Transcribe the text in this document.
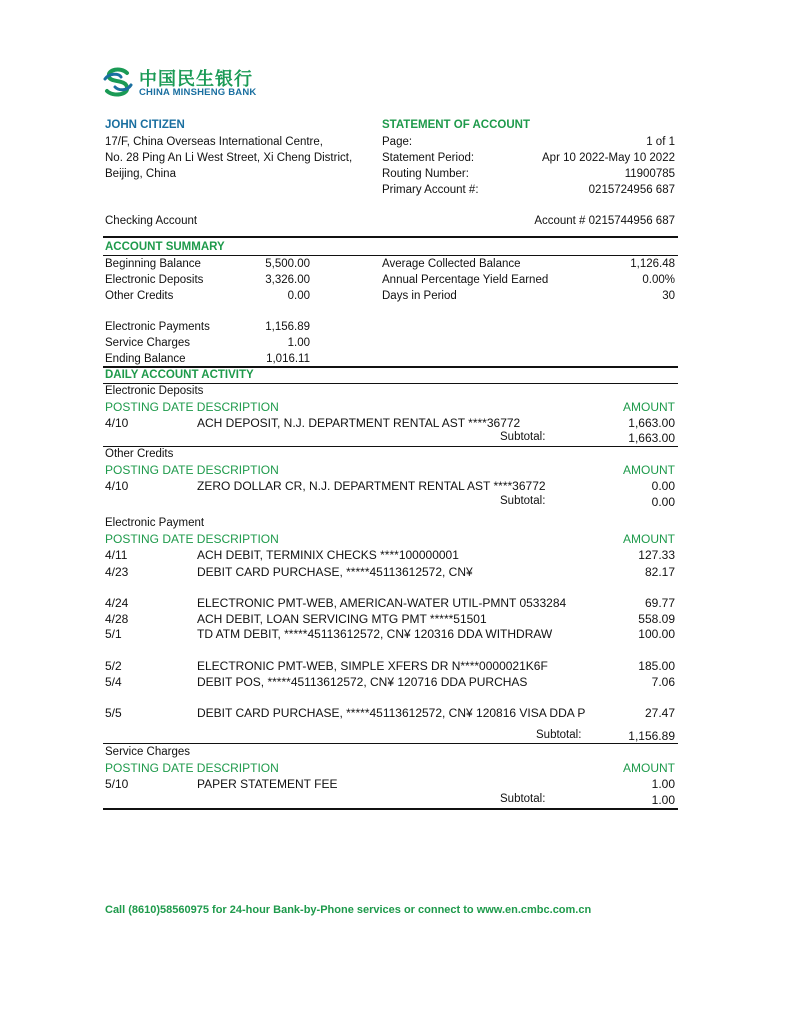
中国民生银行
CHINA MINSHENG BANK
JOHN CITIZEN
17/F, China Overseas International Centre,
No. 28 Ping An Li West Street, Xi Cheng District,
Beijing, China
STATEMENT OF ACCOUNT
Page:	1 of 1
Statement Period:	Apr 10 2022-May 10 2022
Routing Number:	11900785
Primary Account #:	0215724956 687
Checking Account	Account # 0215744956 687
ACCOUNT SUMMARY
Beginning Balance	5,500.00
Electronic Deposits	3,326.00
Other Credits	0.00
Average Collected Balance	1,126.48
Annual Percentage Yield Earned	0.00%
Days in Period	30
Electronic Payments	1,156.89
Service Charges	1.00
Ending Balance	1,016.11
DAILY ACCOUNT ACTIVITY
Electronic Deposits
POSTING DATE DESCRIPTION	AMOUNT
4/10	ACH DEPOSIT, N.J. DEPARTMENT RENTAL AST ****36772	1,663.00
Subtotal:	1,663.00
Other Credits
POSTING DATE DESCRIPTION	AMOUNT
4/10	ZERO DOLLAR CR, N.J. DEPARTMENT RENTAL AST ****36772	0.00
Subtotal:	0.00
Electronic Payment
POSTING DATE DESCRIPTION	AMOUNT
4/11	ACH DEBIT, TERMINIX CHECKS ****100000001	127.33
4/23	DEBIT CARD PURCHASE, *****45113612572, CN¥	82.17
4/24	ELECTRONIC PMT-WEB, AMERICAN-WATER UTIL-PMNT 0533284	69.77
4/28	ACH DEBIT, LOAN SERVICING MTG PMT *****51501	558.09
5/1	TD ATM DEBIT, *****45113612572, CN¥ 120316 DDA WITHDRAW	100.00
5/2	ELECTRONIC PMT-WEB, SIMPLE XFERS DR N****0000021K6F	185.00
5/4	DEBIT POS, *****45113612572, CN¥ 120716 DDA PURCHAS	7.06
5/5	DEBIT CARD PURCHASE, *****45113612572, CN¥ 120816 VISA DDA P	27.47
Subtotal:	1,156.89
Service Charges
POSTING DATE DESCRIPTION	AMOUNT
5/10	PAPER STATEMENT FEE	1.00
Subtotal:	1.00
Call (8610)58560975 for 24-hour Bank-by-Phone services or connect to www.en.cmbc.com.cn
